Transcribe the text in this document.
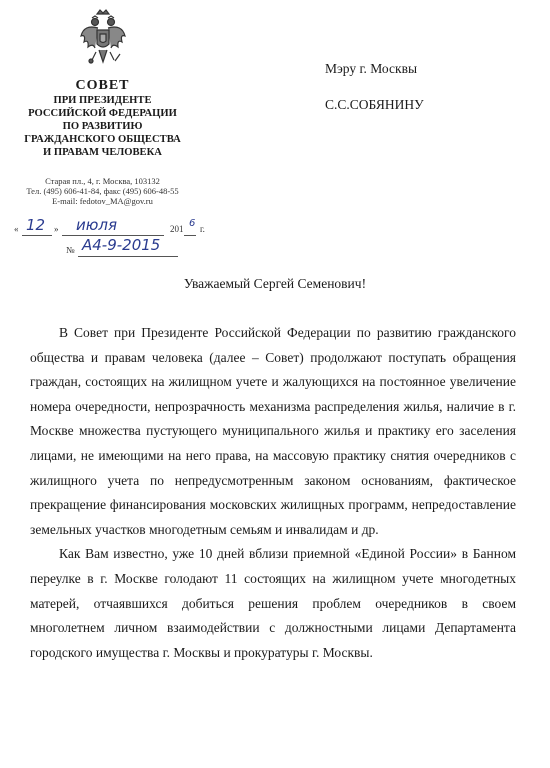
СОВЕТ
ПРИ ПРЕЗИДЕНТЕ
РОССИЙСКОЙ ФЕДЕРАЦИИ
ПО РАЗВИТИЮ
ГРАЖДАНСКОГО ОБЩЕСТВА
И ПРАВАМ ЧЕЛОВЕКА
Старая пл., 4, г. Москва, 103132
Тел. (495) 606-41-84, факс (495) 606-48-55
E-mail: fedotov_MA@gov.ru
« 12 » июля	201 6 г.
№ А4-9-2015
Мэру г. Москвы
С.С.СОБЯНИНУ
Уважаемый Сергей Семенович!

В Совет при Президенте Российской Федерации по развитию гражданского общества и правам человека (далее – Совет) продолжают поступать обращения граждан, состоящих на жилищном учете и жалующихся на постоянное увеличение номера очередности, непрозрачность механизма распределения жилья, наличие в г. Москве множества пустующего муниципального жилья и практику его заселения лицами, не имеющими на него права, на массовую практику снятия очередников с жилищного учета по непредусмотренным законом основаниям, фактическое прекращение финансирования московских жилищных программ, непредоставление земельных участков многодетным семьям и инвалидам и др.

Как Вам известно, уже 10 дней вблизи приемной «Единой России» в Банном переулке в г. Москве голодают 11 состоящих на жилищном учете многодетных матерей, отчаявшихся добиться решения проблем очередников в своем многолетнем личном взаимодействии с должностными лицами Департамента городского имущества г. Москвы и прокуратуры г. Москвы.
